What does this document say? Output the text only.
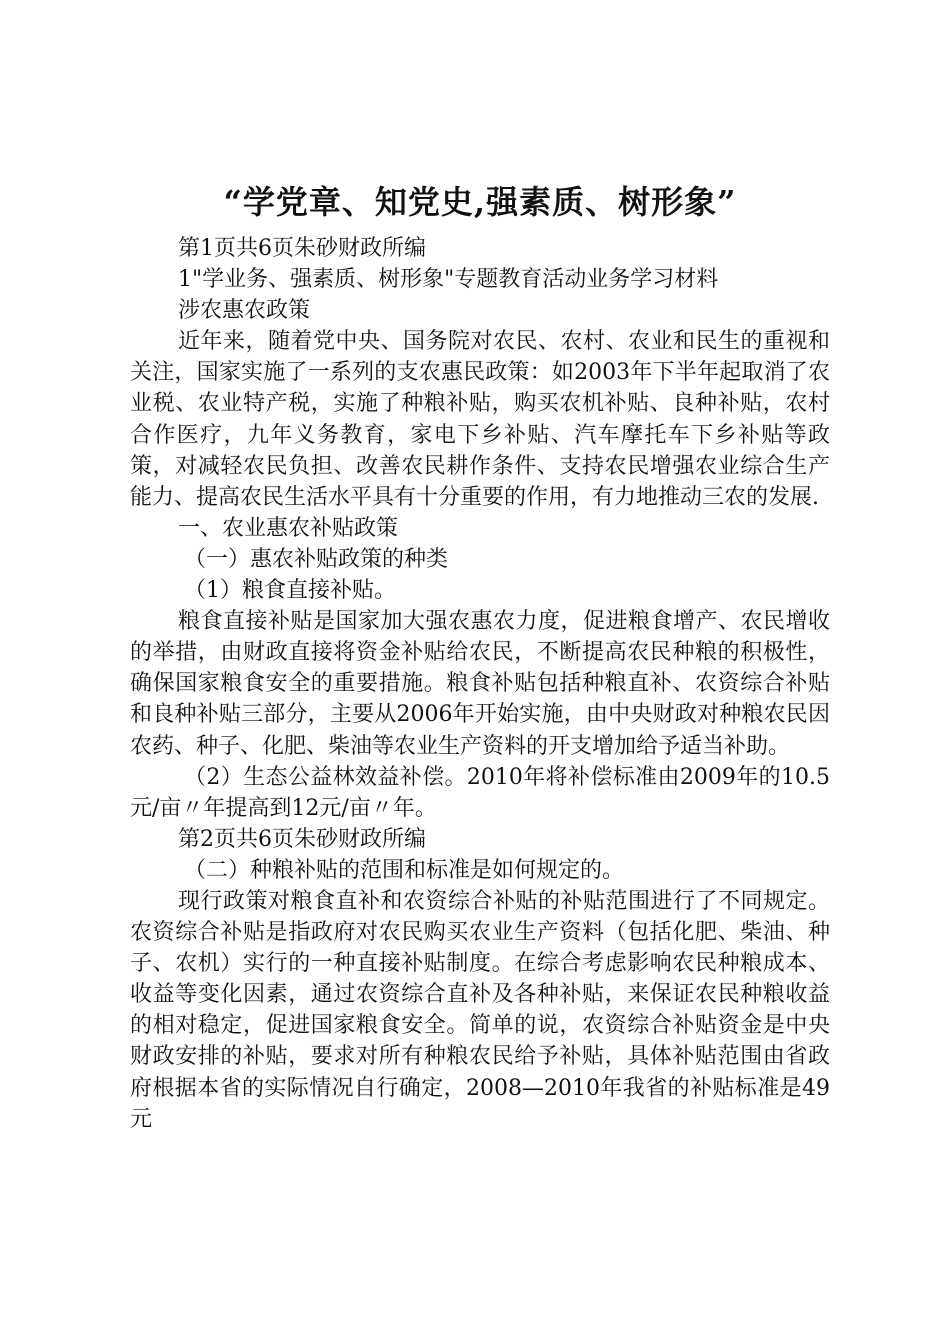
“学党章、知党史,强素质、树形象”

第1页共6页朱砂财政所编

1"学业务、强素质、树形象"专题教育活动业务学习材料

涉农惠农政策

近年来，随着党中央、国务院对农民、农村、农业和民生的重视和关注，国家实施了一系列的支农惠民政策：如2003年下半年起取消了农业税、农业特产税，实施了种粮补贴，购买农机补贴、良种补贴，农村合作医疗，九年义务教育，家电下乡补贴、汽车摩托车下乡补贴等政策，对减轻农民负担、改善农民耕作条件、支持农民增强农业综合生产能力、提高农民生活水平具有十分重要的作用，有力地推动三农的发展.

一、农业惠农补贴政策

（一）惠农补贴政策的种类

（1）粮食直接补贴。

粮食直接补贴是国家加大强农惠农力度，促进粮食增产、农民增收的举措，由财政直接将资金补贴给农民，不断提高农民种粮的积极性，确保国家粮食安全的重要措施。粮食补贴包括种粮直补、农资综合补贴和良种补贴三部分，主要从2006年开始实施，由中央财政对种粮农民因农药、种子、化肥、柴油等农业生产资料的开支增加给予适当补助。

（2）生态公益林效益补偿。2010年将补偿标准由2009年的10.5元/亩〃年提高到12元/亩〃年。

第2页共6页朱砂财政所编

（二）种粮补贴的范围和标准是如何规定的。

现行政策对粮食直补和农资综合补贴的补贴范围进行了不同规定。农资综合补贴是指政府对农民购买农业生产资料（包括化肥、柴油、种子、农机）实行的一种直接补贴制度。在综合考虑影响农民种粮成本、收益等变化因素，通过农资综合直补及各种补贴，来保证农民种粮收益的相对稳定，促进国家粮食安全。简单的说，农资综合补贴资金是中央财政安排的补贴，要求对所有种粮农民给予补贴，具体补贴范围由省政府根据本省的实际情况自行确定，2008—2010年我省的补贴标准是49元
